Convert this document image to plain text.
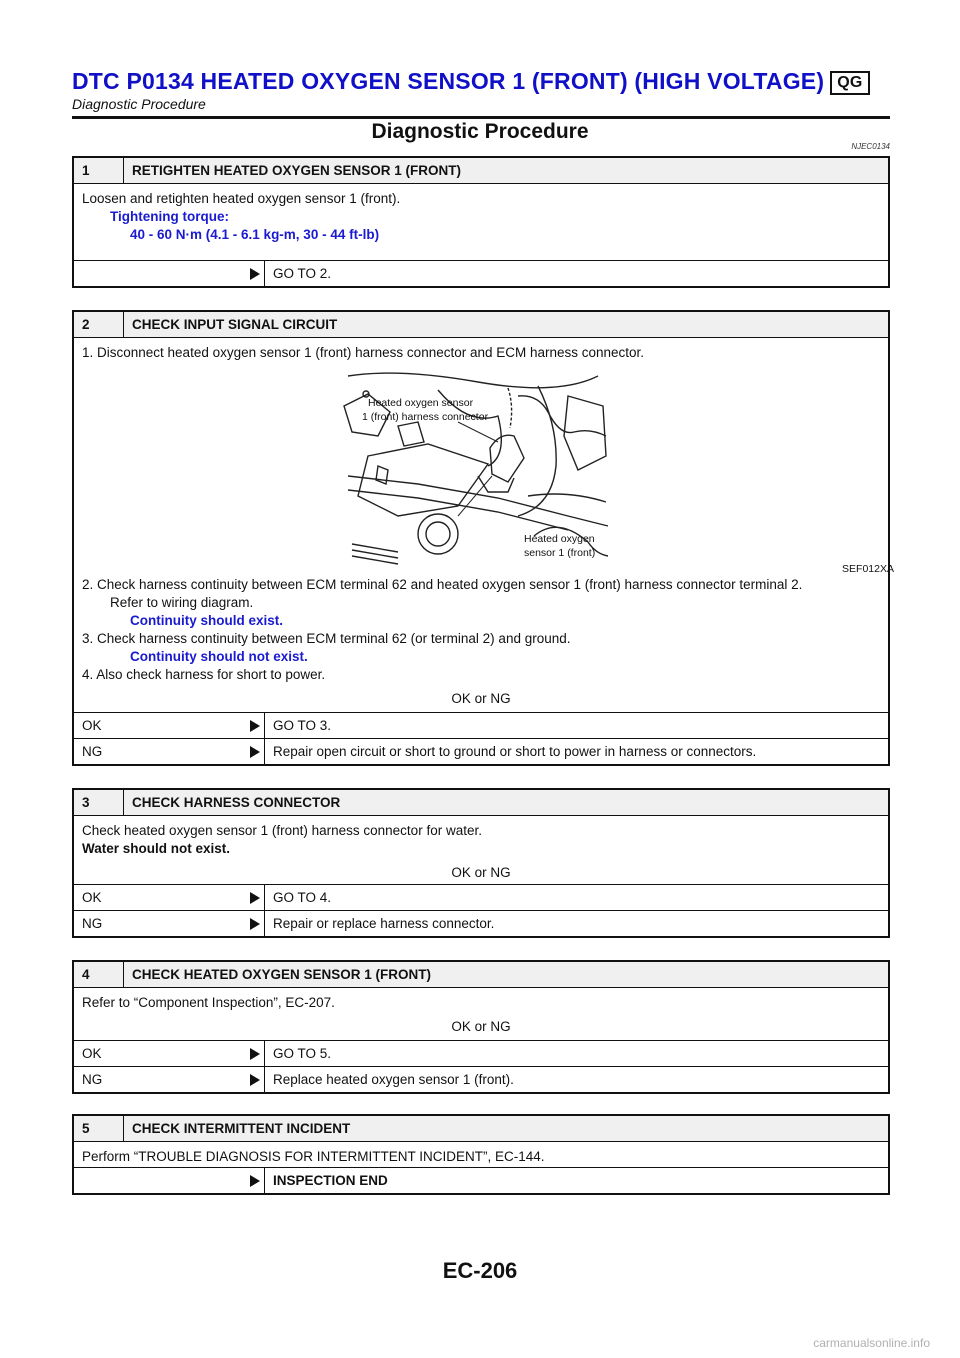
DTC P0134 HEATED OXYGEN SENSOR 1 (FRONT) (HIGH VOLTAGE) QG
Diagnostic Procedure
Diagnostic Procedure
NJEC0134
1	RETIGHTEN HEATED OXYGEN SENSOR 1 (FRONT)
Loosen and retighten heated oxygen sensor 1 (front).
Tightening torque:
40 - 60 N·m (4.1 - 6.1 kg-m, 30 - 44 ft-lb)
GO TO 2.
2	CHECK INPUT SIGNAL CIRCUIT
1. Disconnect heated oxygen sensor 1 (front) harness connector and ECM harness connector.
Heated oxygen sensor
1 (front) harness connector
Heated oxygen
sensor 1 (front)
SEF012XA
2. Check harness continuity between ECM terminal 62 and heated oxygen sensor 1 (front) harness connector terminal 2.
Refer to wiring diagram.
Continuity should exist.
3. Check harness continuity between ECM terminal 62 (or terminal 2) and ground.
Continuity should not exist.
4. Also check harness for short to power.
OK or NG
OK	GO TO 3.
NG	Repair open circuit or short to ground or short to power in harness or connectors.
3	CHECK HARNESS CONNECTOR
Check heated oxygen sensor 1 (front) harness connector for water.
Water should not exist.
OK or NG
OK	GO TO 4.
NG	Repair or replace harness connector.
4	CHECK HEATED OXYGEN SENSOR 1 (FRONT)
Refer to “Component Inspection”, EC-207.
OK or NG
OK	GO TO 5.
NG	Replace heated oxygen sensor 1 (front).
5	CHECK INTERMITTENT INCIDENT
Perform “TROUBLE DIAGNOSIS FOR INTERMITTENT INCIDENT”, EC-144.
INSPECTION END
EC-206
carmanualsonline.info
